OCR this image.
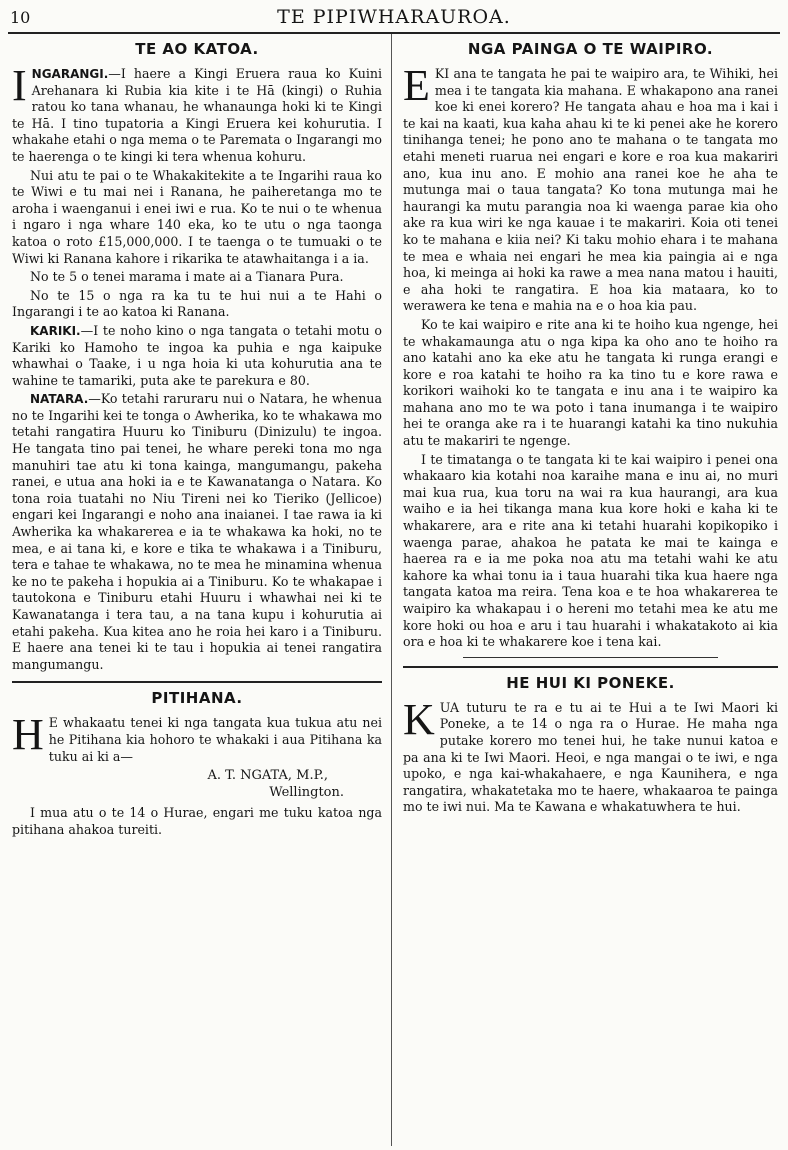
10	TE PIPIWHARAUROA.
TE AO KATOA.

INGARANGI.—I haere a Kingi Eruera raua ko Kuini Arehanara ki Rubia kia kite i te Hā (kingi) o Ruhia ratou ko tana whanau, he whanaunga hoki ki te Kingi te Hā. I tino tupatoria a Kingi Eruera kei kohurutia. I whakahe etahi o nga mema o te Paremata o Ingarangi mo te haerenga o te kingi ki tera whenua kohuru.

Nui atu te pai o te Whakakitekite a te Ingarihi raua ko te Wiwi e tu mai nei i Ranana, he paiheretanga mo te aroha i waenganui i enei iwi e rua. Ko te nui o te whenua i ngaro i nga whare 140 eka, ko te utu o nga taonga katoa o roto £15,000,000. I te taenga o te tumuaki o te Wiwi ki Ranana kahore i rikarika te atawhaitanga i a ia.

No te 5 o tenei marama i mate ai a Tianara Pura.

No te 15 o nga ra ka tu te hui nui a te Hahi o Ingarangi i te ao katoa ki Ranana.

KARIKI.—I te noho kino o nga tangata o tetahi motu o Kariki ko Hamoho te ingoa ka puhia e nga kaipuke whawhai o Taake, i u nga hoia ki uta kohurutia ana te wahine te tamariki, puta ake te parekura e 80.

NATARA.—Ko tetahi raruraru nui o Natara, he whenua no te Ingarihi kei te tonga o Awherika, ko te whakawa mo tetahi rangatira Huuru ko Tiniburu (Dinizulu) te ingoa. He tangata tino pai tenei, he whare pereki tona mo nga manuhiri tae atu ki tona kainga, mangumangu, pakeha ranei, e utua ana hoki ia e te Kawanatanga o Natara. Ko tona roia tuatahi no Niu Tireni nei ko Tieriko (Jellicoe) engari kei Ingarangi e noho ana inaianei. I tae rawa ia ki Awherika ka whakarerea e ia te whakawa ka hoki, no te mea, e ai tana ki, e kore e tika te whakawa i a Tiniburu, tera e tahae te whakawa, no te mea he minamina whenua ke no te pakeha i hopukia ai a Tiniburu. Ko te whakapae i tautokona e Tiniburu etahi Huuru i whawhai nei ki te Kawanatanga i tera tau, a na tana kupu i kohurutia ai etahi pakeha. Kua kitea ano he roia hei karo i a Tiniburu. E haere ana tenei ki te tau i hopukia ai tenei rangatira mangumangu.

PITIHANA.

H E whakaatu tenei ki nga tangata kua tukua atu nei he Pitihana kia hohoro te whakaki i aua Pitihana ka tuku ai ki a—

A. T. NGATA, M.P.,
Wellington.

I mua atu o te 14 o Hurae, engari me tuku katoa nga pitihana ahakoa tureiti.

NGA PAINGA O TE WAIPIRO.

EKI ana te tangata he pai te waipiro ara, te Wihiki, hei mea i te tangata kia mahana. E whakapono ana ranei koe ki enei korero? He tangata ahau e hoa ma i kai i te kai na kaati, kua kaha ahau ki te ki penei ake he korero tinihanga tenei; he pono ano te mahana o te tangata mo etahi meneti ruarua nei engari e kore e roa kua makariri ano, kua inu ano. E mohio ana ranei koe he aha te mutunga mai o taua tangata? Ko tona mutunga mai he haurangi ka mutu parangia noa ki waenga parae kia oho ake ra kua wiri ke nga kauae i te makariri. Koia oti tenei ko te mahana e kiia nei? Ki taku mohio ehara i te mahana te mea e whaia nei engari he mea kia paingia ai e nga hoa, ki meinga ai hoki ka rawe a mea nana matou i hauiti, e aha hoki te rangatira. E hoa kia mataara, ko to werawera ke tena e mahia na e o hoa kia pau.

Ko te kai waipiro e rite ana ki te hoiho kua ngenge, hei te whakamaunga atu o nga kipa ka oho ano te hoiho ra ano katahi ano ka eke atu he tangata ki runga erangi e kore e roa katahi te hoiho ra ka tino tu e kore rawa e korikori waihoki ko te tangata e inu ana i te waipiro ka mahana ano mo te wa poto i tana inumanga i te waipiro hei te oranga ake ra i te huarangi katahi ka tino nukuhia atu te makariri te ngenge.

I te timatanga o te tangata ki te kai waipiro i penei ona whakaaro kia kotahi noa karaihe mana e inu ai, no muri mai kua rua, kua toru na wai ra kua haurangi, ara kua waiho e ia hei tikanga mana kua kore hoki e kaha ki te whakarere, ara e rite ana ki tetahi huarahi kopikopiko i waenga parae, ahakoa he patata ke mai te kainga e haerea ra e ia me poka noa atu ma tetahi wahi ke atu kahore ka whai tonu ia i taua huarahi tika kua haere nga tangata katoa ma reira. Tena koa e te hoa whakarerea te waipiro ka whakapau i o hereni mo tetahi mea ke atu me kore hoki ou hoa e aru i tau huarahi i whakatakoto ai kia ora e hoa ki te whakarere koe i tena kai.

HE HUI KI PONEKE.

KUA tuturu te ra e tu ai te Hui a te Iwi Maori ki Poneke, a te 14 o nga ra o Hurae. He maha nga putake korero mo tenei hui, he take nunui katoa e pa ana ki te Iwi Maori. Heoi, e nga mangai o te iwi, e nga upoko, e nga kai-whakahaere, e nga Kaunihera, e nga rangatira, whakatetaka mo te haere, whakaaroa te painga mo te iwi nui. Ma te Kawana e whakatuwhera te hui.
